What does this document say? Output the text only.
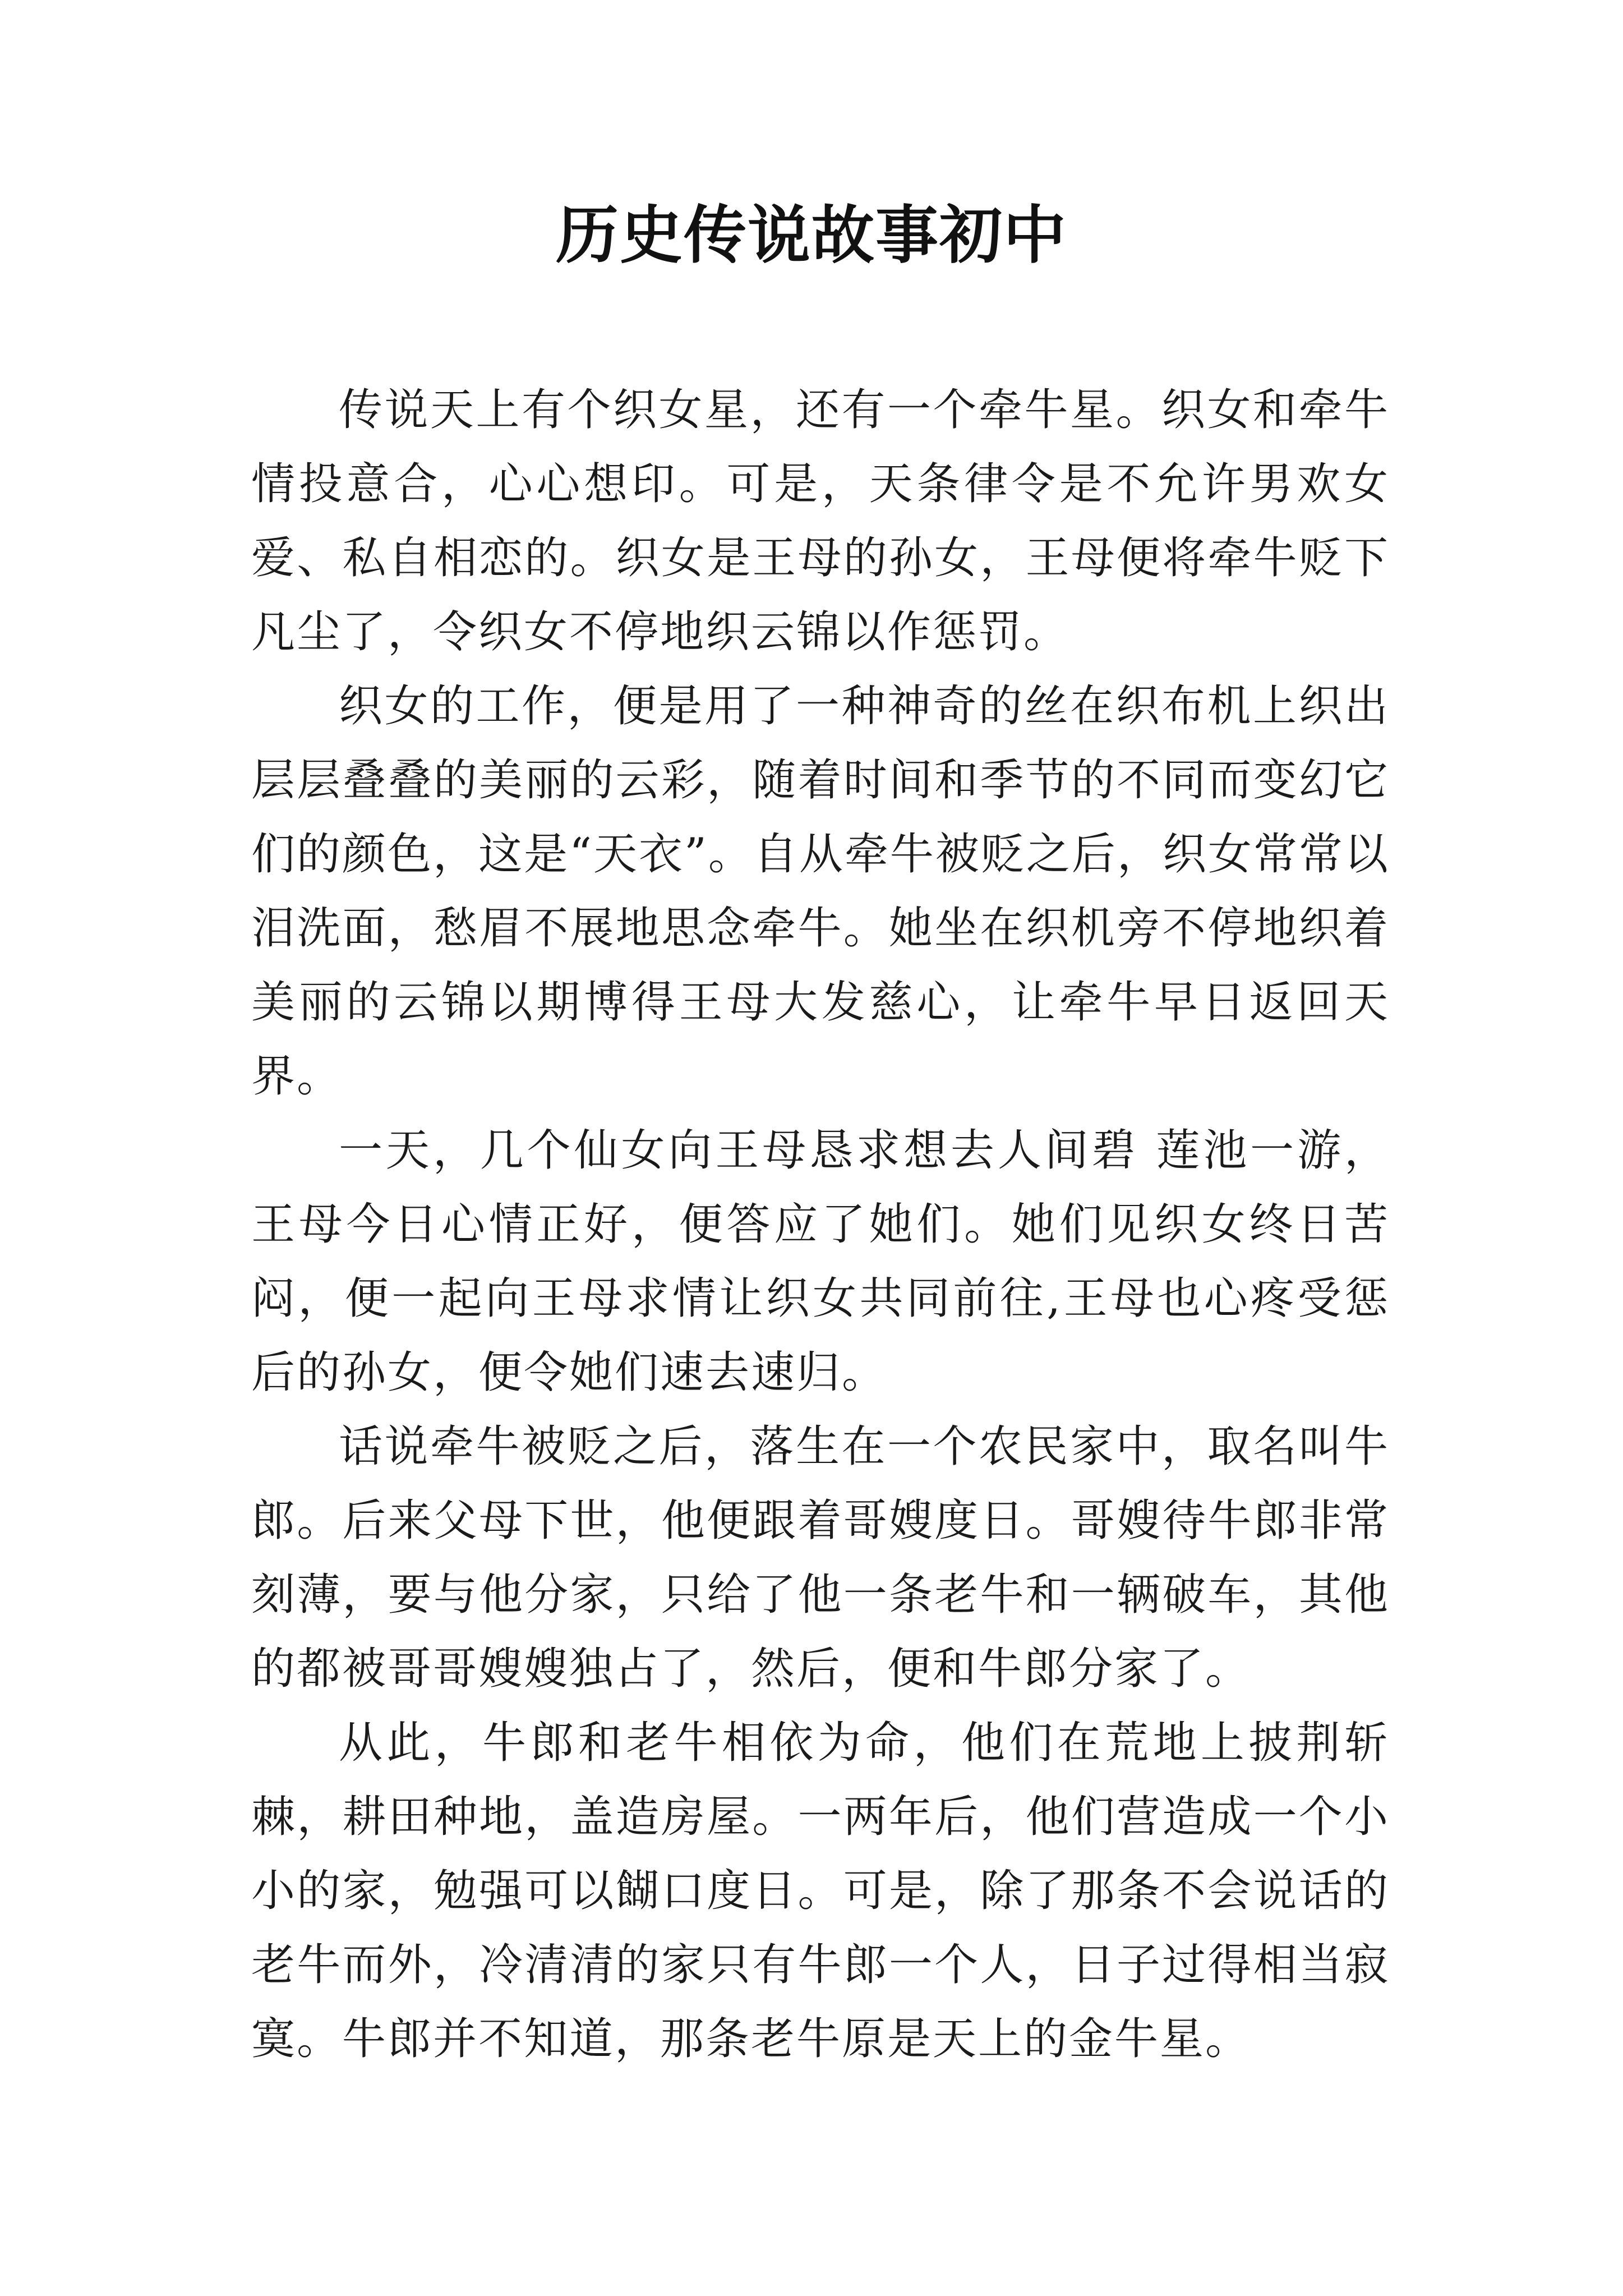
历史传说故事初中

传说天上有个织女星，还有一个牵牛星。织女和牵牛情投意合，心心想印。可是，天条律令是不允许男欢女爱、私自相恋的。织女是王母的孙女，王母便将牵牛贬下凡尘了，令织女不停地织云锦以作惩罚。

织女的工作，便是用了一种神奇的丝在织布机上织出层层叠叠的美丽的云彩，随着时间和季节的不同而变幻它们的颜色，这是“天衣”。自从牵牛被贬之后，织女常常以泪洗面，愁眉不展地思念牵牛。她坐在织机旁不停地织着美丽的云锦以期博得王母大发慈心，让牵牛早日返回天界。

一天，几个仙女向王母恳求想去人间碧 莲池一游，王母今日心情正好，便答应了她们。她们见织女终日苦闷，便一起向王母求情让织女共同前往,王母也心疼受惩后的孙女，便令她们速去速归。

话说牵牛被贬之后，落生在一个农民家中，取名叫牛郎。后来父母下世，他便跟着哥嫂度日。哥嫂待牛郎非常刻薄，要与他分家，只给了他一条老牛和一辆破车，其他的都被哥哥嫂嫂独占了，然后，便和牛郎分家了。

从此，牛郎和老牛相依为命，他们在荒地上披荆斩棘，耕田种地，盖造房屋。一两年后，他们营造成一个小小的家，勉强可以餬口度日。可是，除了那条不会说话的老牛而外，冷清清的家只有牛郎一个人，日子过得相当寂寞。牛郎并不知道，那条老牛原是天上的金牛星。
